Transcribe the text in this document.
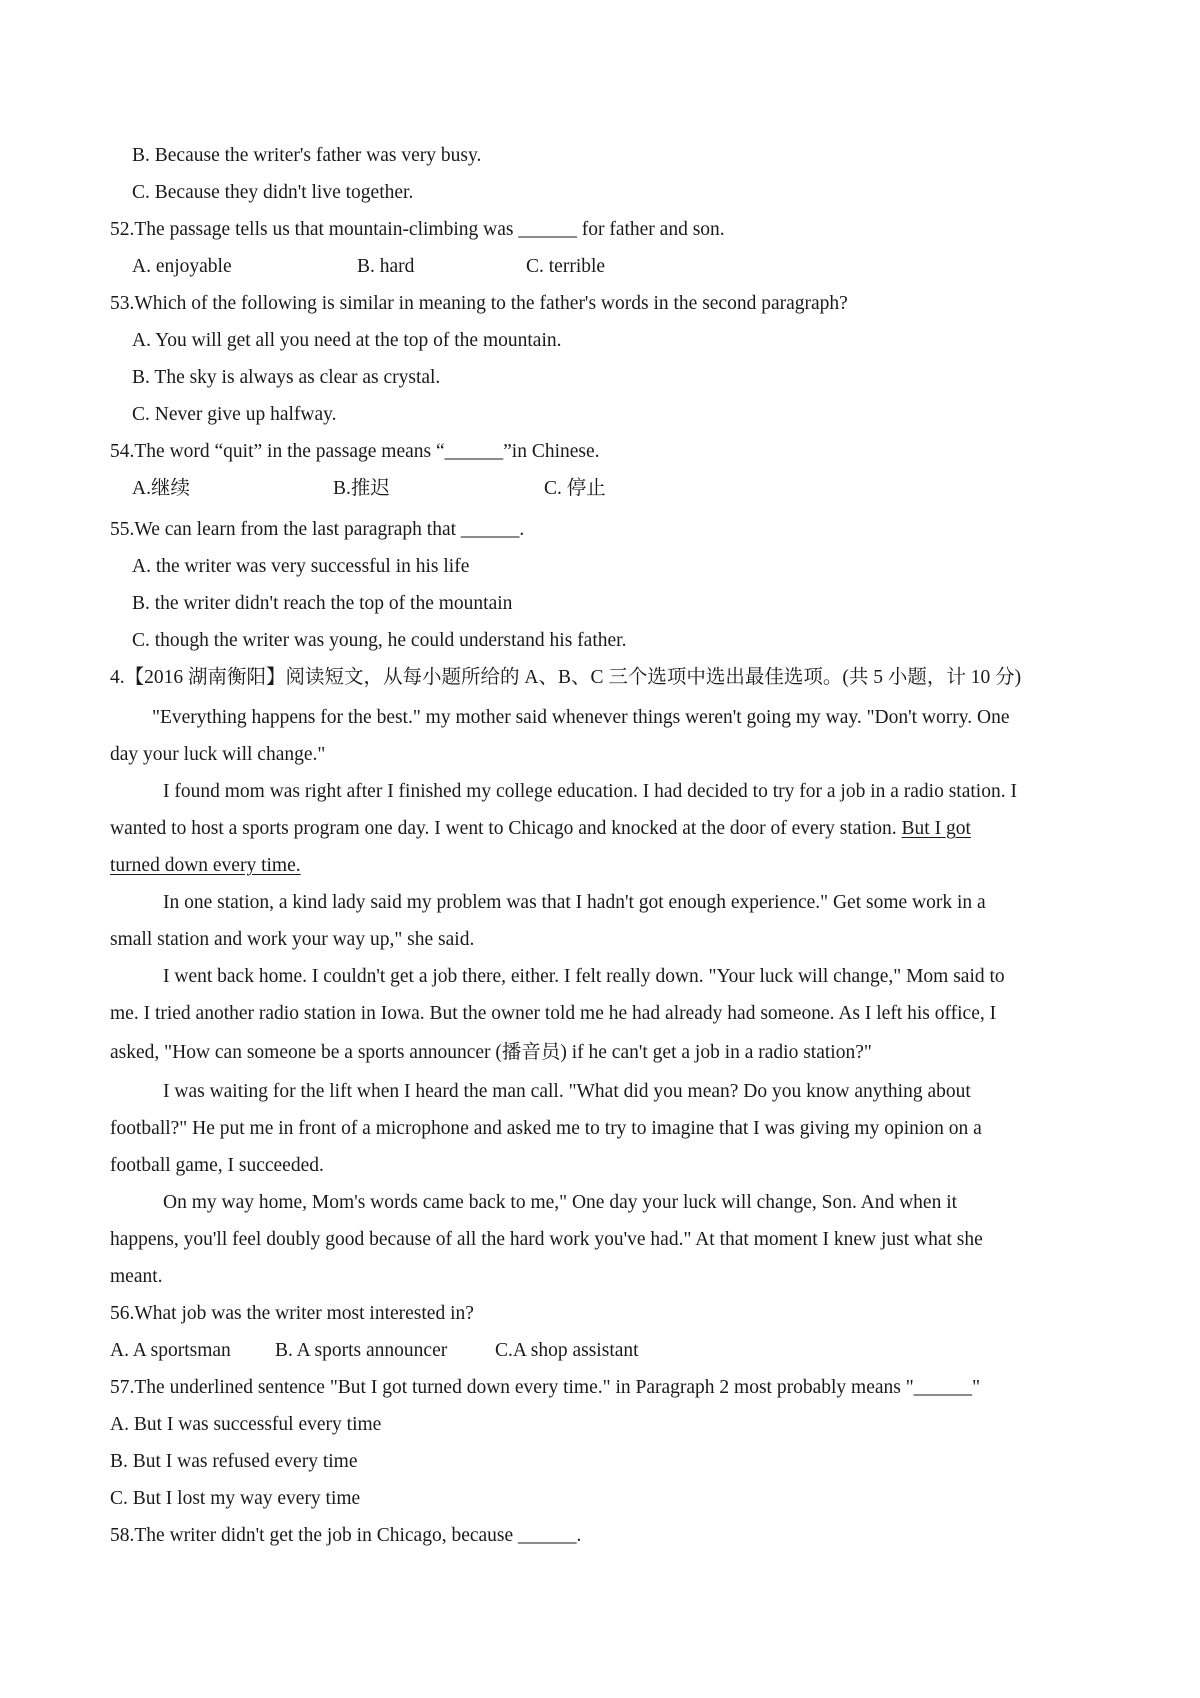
B. Because the writer's father was very busy.
C. Because they didn't live together.
52.The passage tells us that mountain-climbing was ______ for father and son.
A. enjoyable	B. hard	C. terrible
53.Which of the following is similar in meaning to the father's words in the second paragraph?
A. You will get all you need at the top of the mountain.
B. The sky is always as clear as crystal.
C. Never give up halfway.
54.The word “quit” in the passage means “______”in Chinese.
A.继续	B.推迟	C. 停止
55.We can learn from the last paragraph that ______.
A. the writer was very successful in his life
B. the writer didn't reach the top of the mountain
C. though the writer was young, he could understand his father.
4.【2016 湖南衡阳】阅读短文，从每小题所给的 A、B、C 三个选项中选出最佳选项。(共 5 小题，计 10 分)
"Everything happens for the best." my mother said whenever things weren't going my way. "Don't worry. One
day your luck will change."
I found mom was right after I finished my college education. I had decided to try for a job in a radio station. I
wanted to host a sports program one day. I went to Chicago and knocked at the door of every station. But I got
turned down every time.
In one station, a kind lady said my problem was that I hadn't got enough experience." Get some work in a
small station and work your way up," she said.
I went back home. I couldn't get a job there, either. I felt really down. "Your luck will change," Mom said to
me. I tried another radio station in Iowa. But the owner told me he had already had someone. As I left his office, I
asked, "How can someone be a sports announcer (播音员) if he can't get a job in a radio station?"
I was waiting for the lift when I heard the man call. "What did you mean? Do you know anything about
football?" He put me in front of a microphone and asked me to try to imagine that I was giving my opinion on a
football game, I succeeded.
On my way home, Mom's words came back to me," One day your luck will change, Son. And when it
happens, you'll feel doubly good because of all the hard work you've had." At that moment I knew just what she
meant.
56.What job was the writer most interested in?
A. A sportsman B. A sports announcer C.A shop assistant
57.The underlined sentence "But I got turned down every time." in Paragraph 2 most probably means "______"
A. But I was successful every time
B. But I was refused every time
C. But I lost my way every time
58.The writer didn't get the job in Chicago, because ______.
